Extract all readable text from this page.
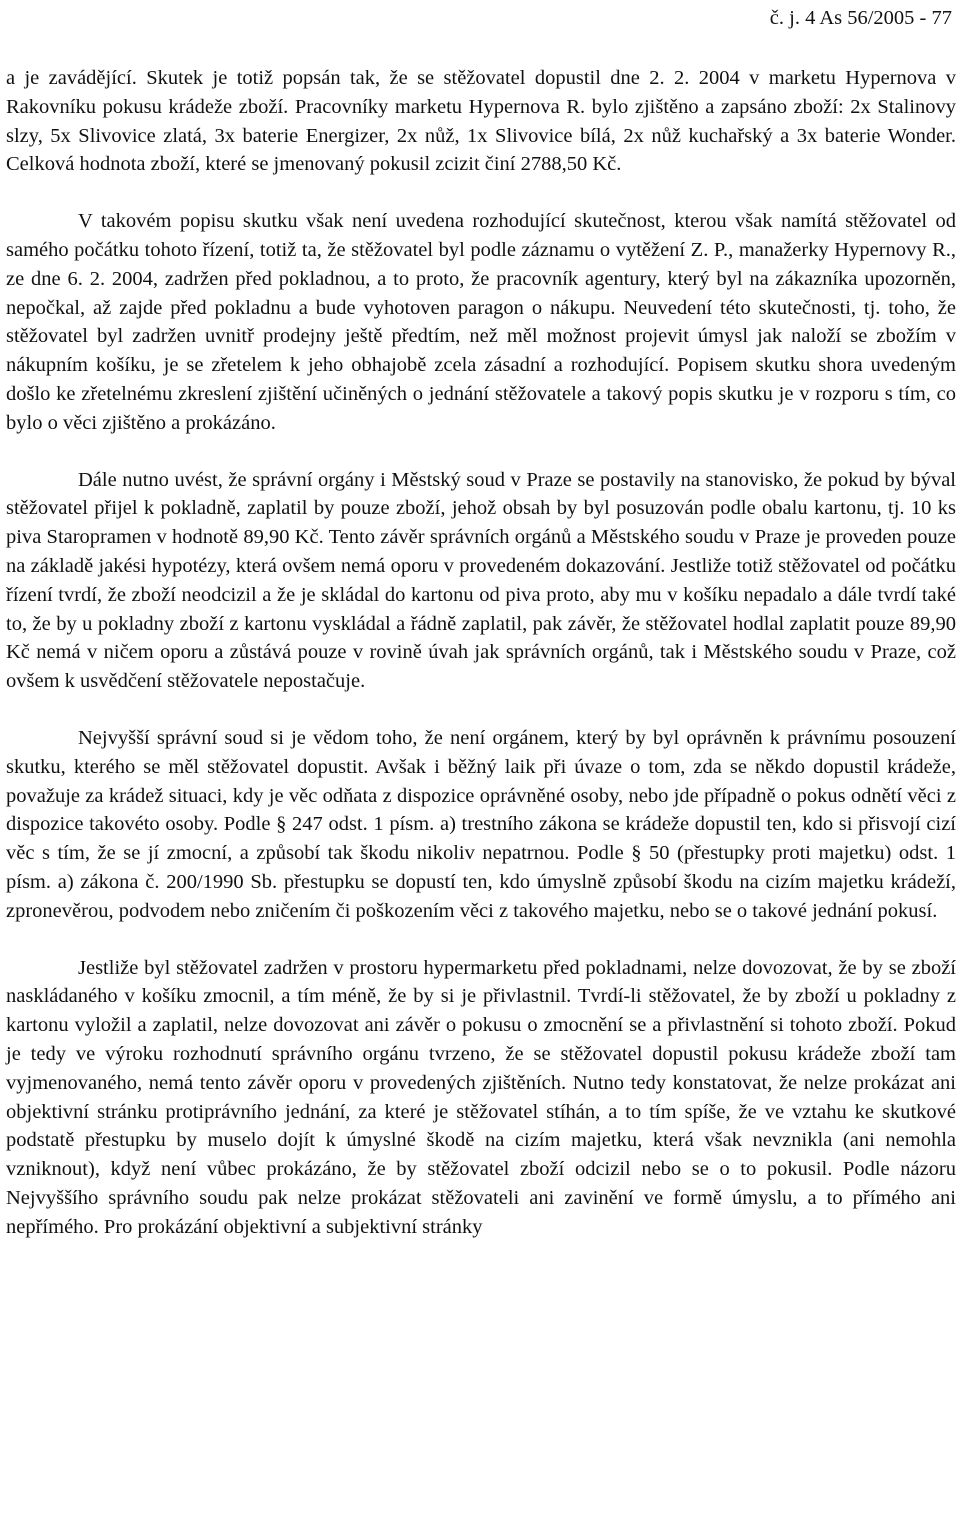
č. j. 4 As 56/2005 - 77

a je zavádějící. Skutek je totiž popsán tak, že se stěžovatel dopustil dne 2. 2. 2004 v marketu Hypernova v Rakovníku pokusu krádeže zboží. Pracovníky marketu Hypernova R. bylo zjištěno a zapsáno zboží: 2x Stalinovy slzy, 5x Slivovice zlatá, 3x baterie Energizer, 2x nůž, 1x Slivovice bílá, 2x nůž kuchařský a 3x baterie Wonder. Celková hodnota zboží, které se jmenovaný pokusil zcizit činí 2788,50 Kč.

V takovém popisu skutku však není uvedena rozhodující skutečnost, kterou však namítá stěžovatel od samého počátku tohoto řízení, totiž ta, že stěžovatel byl podle záznamu o vytěžení Z. P., manažerky Hypernovy R., ze dne 6. 2. 2004, zadržen před pokladnou, a to proto, že pracovník agentury, který byl na zákazníka upozorněn, nepočkal, až zajde před pokladnu a bude vyhotoven paragon o nákupu. Neuvedení této skutečnosti, tj. toho, že stěžovatel byl zadržen uvnitř prodejny ještě předtím, než měl možnost projevit úmysl jak naloží se zbožím v nákupním košíku, je se zřetelem k jeho obhajobě zcela zásadní a rozhodující. Popisem skutku shora uvedeným došlo ke zřetelnému zkreslení zjištění učiněných o jednání stěžovatele a takový popis skutku je v rozporu s tím, co bylo o věci zjištěno a prokázáno.

Dále nutno uvést, že správní orgány i Městský soud v Praze se postavily na stanovisko, že pokud by býval stěžovatel přijel k pokladně, zaplatil by pouze zboží, jehož obsah by byl posuzován podle obalu kartonu, tj. 10 ks piva Staropramen v hodnotě 89,90 Kč. Tento závěr správních orgánů a Městského soudu v Praze je proveden pouze na základě jakési hypotézy, která ovšem nemá oporu v provedeném dokazování. Jestliže totiž stěžovatel od počátku řízení tvrdí, že zboží neodcizil a že je skládal do kartonu od piva proto, aby mu v košíku nepadalo a dále tvrdí také to, že by u pokladny zboží z kartonu vyskládal a řádně zaplatil, pak závěr, že stěžovatel hodlal zaplatit pouze 89,90 Kč nemá v ničem oporu a zůstává pouze v rovině úvah jak správních orgánů, tak i Městského soudu v Praze, což ovšem k usvědčení stěžovatele nepostačuje.

Nejvyšší správní soud si je vědom toho, že není orgánem, který by byl oprávněn k právnímu posouzení skutku, kterého se měl stěžovatel dopustit. Avšak i běžný laik při úvaze o tom, zda se někdo dopustil krádeže, považuje za krádež situaci, kdy je věc odňata z dispozice oprávněné osoby, nebo jde případně o pokus odnětí věci z dispozice takovéto osoby. Podle § 247 odst. 1 písm. a) trestního zákona se krádeže dopustil ten, kdo si přisvojí cizí věc s tím, že se jí zmocní, a způsobí tak škodu nikoliv nepatrnou. Podle § 50 (přestupky proti majetku) odst. 1 písm. a) zákona č. 200/1990 Sb. přestupku se dopustí ten, kdo úmyslně způsobí škodu na cizím majetku krádeží, zpronevěrou, podvodem nebo zničením či poškozením věci z takového majetku, nebo se o takové jednání pokusí.

Jestliže byl stěžovatel zadržen v prostoru hypermarketu před pokladnami, nelze dovozovat, že by se zboží naskládaného v košíku zmocnil, a tím méně, že by si je přivlastnil. Tvrdí-li stěžovatel, že by zboží u pokladny z kartonu vyložil a zaplatil, nelze dovozovat ani závěr o pokusu o zmocnění se a přivlastnění si tohoto zboží. Pokud je tedy ve výroku rozhodnutí správního orgánu tvrzeno, že se stěžovatel dopustil pokusu krádeže zboží tam vyjmenovaného, nemá tento závěr oporu v provedených zjištěních. Nutno tedy konstatovat, že nelze prokázat ani objektivní stránku protiprávního jednání, za které je stěžovatel stíhán, a to tím spíše, že ve vztahu ke skutkové podstatě přestupku by muselo dojít k úmyslné škodě na cizím majetku, která však nevznikla (ani nemohla vzniknout), když není vůbec prokázáno, že by stěžovatel zboží odcizil nebo se o to pokusil. Podle názoru Nejvyššího správního soudu pak nelze prokázat stěžovateli ani zavinění ve formě úmyslu, a to přímého ani nepřímého. Pro prokázání objektivní a subjektivní stránky
